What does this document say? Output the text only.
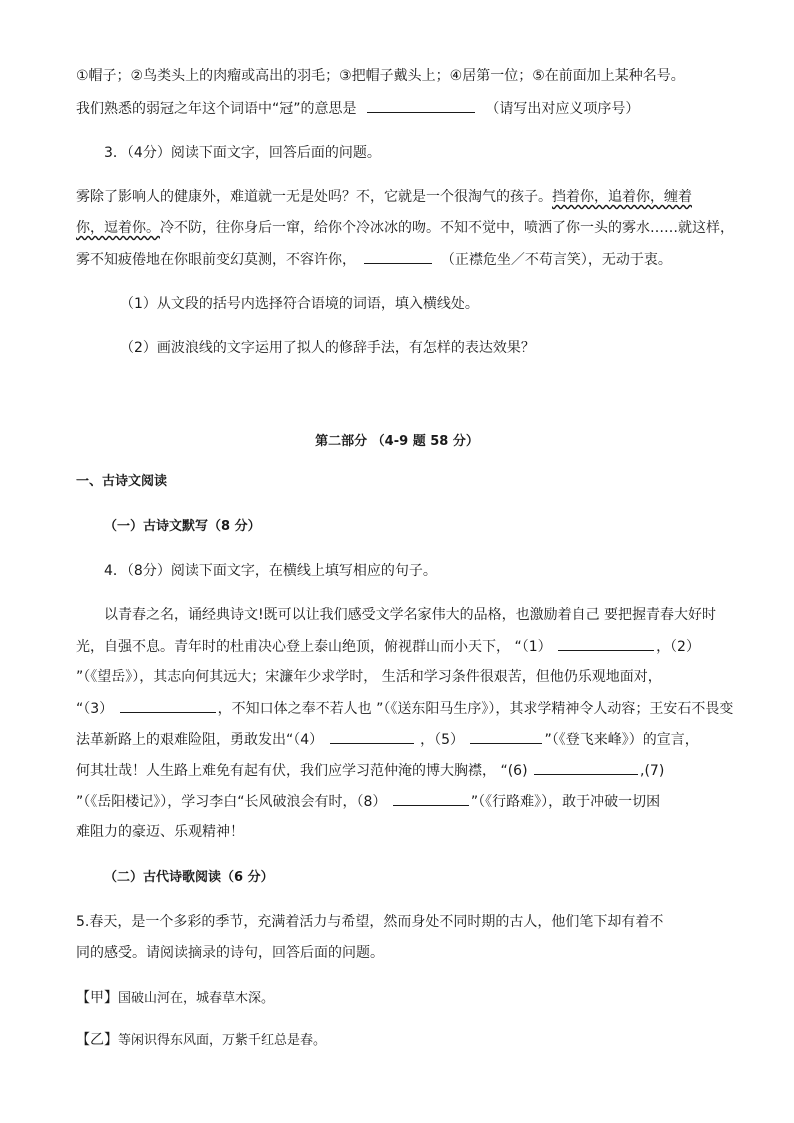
①帽子；②鸟类头上的肉瘤或高出的羽毛；③把帽子戴头上；④居第一位；⑤在前面加上某种名号。
我们熟悉的弱冠之年这个词语中“冠”的意思是	（请写出对应义项序号）
3．（4分）阅读下面文字，回答后面的问题。
雾除了影响人的健康外，难道就一无是处吗？不，它就是一个很淘气的孩子。挡着你，追着你，缠着
你，逗着你。冷不防，往你身后一窜，给你个冷冰冰的吻。不知不觉中，喷洒了你一头的雾水……就这样，
雾不知疲倦地在你眼前变幻莫测，不容许你，	（正襟危坐／不苟言笑），无动于衷。
（1）从文段的括号内选择符合语境的词语，填入横线处。
（2）画波浪线的文字运用了拟人的修辞手法，有怎样的表达效果？
第二部分 （4-9 题 58 分）
一、古诗文阅读
（一）古诗文默写（8 分）
4．（8分）阅读下面文字，在横线上填写相应的句子。
以青春之名，诵经典诗文!既可以让我们感受文学名家伟大的品格，也激励着自己 要把握青春大好时
光，自强不息。青年时的杜甫决心登上泰山绝顶，俯视群山而小天下， “（1）	，（2）
”（《望岳》），其志向何其远大；宋濂年少求学时， 生活和学习条件很艰苦，但他仍乐观地面对，
“（3）	，不知口体之奉不若人也 ”（《送东阳马生序》），其求学精神令人动容；王安石不畏变
法革新路上的艰难险阻，勇敢发出“（4）	，（5）	”（《登飞来峰》）的宣言，
何其壮哉！人生路上难免有起有伏，我们应学习范仲淹的博大胸襟， “(6)	,(7)
”（《岳阳楼记》），学习李白“长风破浪会有时，（8）	”（《行路难》），敢于冲破一切困
难阻力的豪迈、乐观精神！
（二）古代诗歌阅读（6 分）
5.春天，是一个多彩的季节，充满着活力与希望，然而身处不同时期的古人，他们笔下却有着不
同的感受。请阅读摘录的诗句，回答后面的问题。
【甲】国破山河在，城春草木深。
【乙】等闲识得东风面，万紫千红总是春。
